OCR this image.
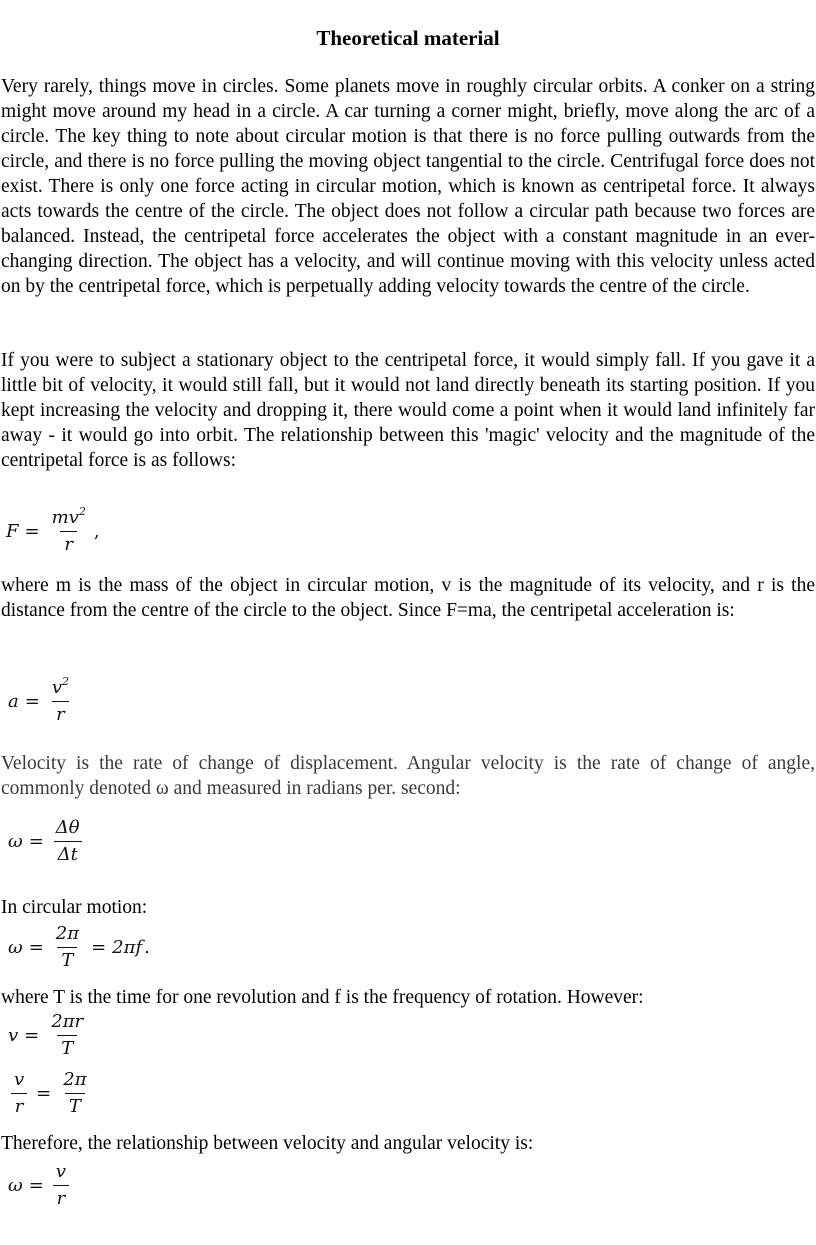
Theoretical material
Very rarely, things move in circles. Some planets move in roughly circular orbits. A conker on a string might move around my head in a circle. A car turning a corner might, briefly, move along the arc of a circle. The key thing to note about circular motion is that there is no force pulling outwards from the circle, and there is no force pulling the moving object tangential to the circle. Centrifugal force does not exist. There is only one force acting in circular motion, which is known as centripetal force. It always acts towards the centre of the circle. The object does not follow a circular path because two forces are balanced. Instead, the centripetal force accelerates the object with a constant magnitude in an ever-changing direction. The object has a velocity, and will continue moving with this velocity unless acted on by the centripetal force, which is perpetually adding velocity towards the centre of the circle.
If you were to subject a stationary object to the centripetal force, it would simply fall. If you gave it a little bit of velocity, it would still fall, but it would not land directly beneath its starting position. If you kept increasing the velocity and dropping it, there would come a point when it would land infinitely far away - it would go into orbit. The relationship between this 'magic' velocity and the magnitude of the centripetal force is as follows:
$F = \frac{mv^2}{r}$ ,
where m is the mass of the object in circular motion, v is the magnitude of its velocity, and r is the distance from the centre of the circle to the object. Since F=ma, the centripetal acceleration is:
$a = \frac{v^2}{r}$
Velocity is the rate of change of displacement. Angular velocity is the rate of change of angle, commonly denoted ω and measured in radians per. second:
$\omega = \frac{\Delta\theta}{\Delta t}$
In circular motion:
$\omega = \frac{2\pi}{T} = 2\pi f$ .
where T is the time for one revolution and f is the frequency of rotation. However:
$v = \frac{2\pi r}{T}$
$\frac{v}{r} = \frac{2\pi}{T}$
Therefore, the relationship between velocity and angular velocity is:
$\omega = \frac{v}{r}$
